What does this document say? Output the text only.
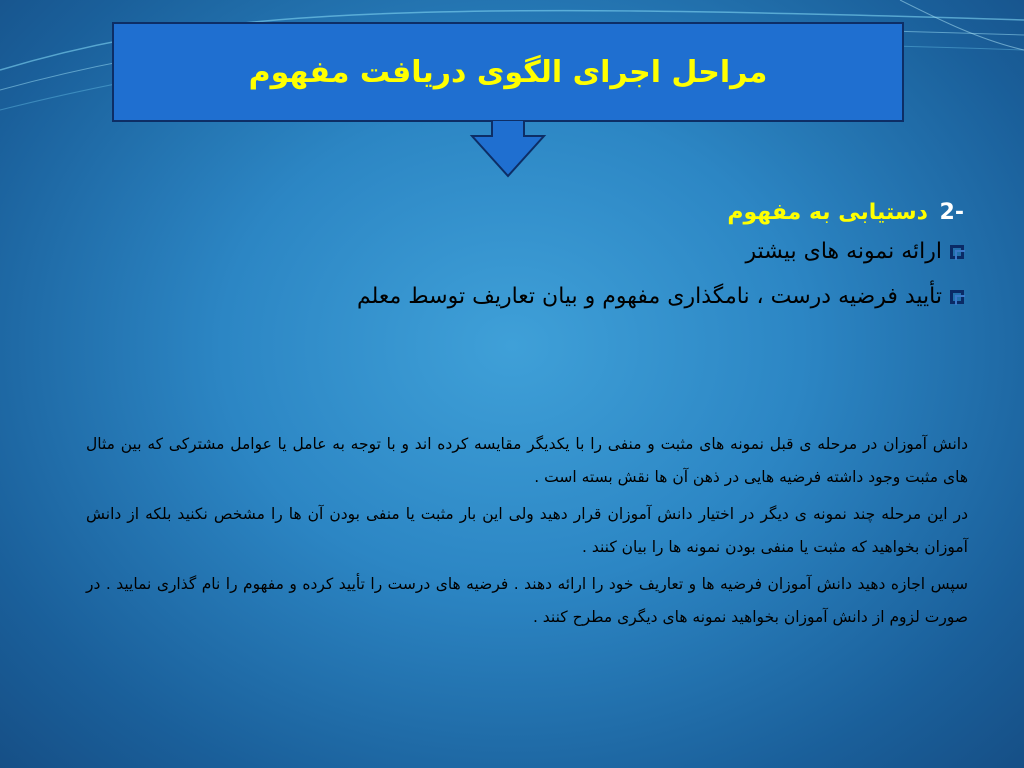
مراحل اجرای الگوی دریافت مفهوم
-2 دستیابی به مفهوم
ارائه نمونه های بیشتر
تأیید فرضیه درست ، نامگذاری مفهوم و بیان تعاریف توسط معلم

دانش آموزان در مرحله ی قبل نمونه های مثبت و منفی را با یکدیگر مقایسه کرده اند و با توجه به عامل یا عوامل مشترکی که بین مثال های مثبت وجود داشته فرضیه هایی در ذهن آن ها نقش بسته است .

در این مرحله چند نمونه ی دیگر در اختیار دانش آموزان قرار دهید ولی این بار مثبت یا منفی بودن آن ها را مشخص نکنید بلکه از دانش آموزان بخواهید که مثبت یا منفی بودن نمونه ها را بیان کنند .

سپس اجازه دهید دانش آموزان فرضیه ها و تعاریف خود را ارائه دهند . فرضیه های درست را تأیید کرده و مفهوم را نام گذاری نمایید . در صورت لزوم از دانش آموزان بخواهید نمونه های دیگری مطرح کنند .
